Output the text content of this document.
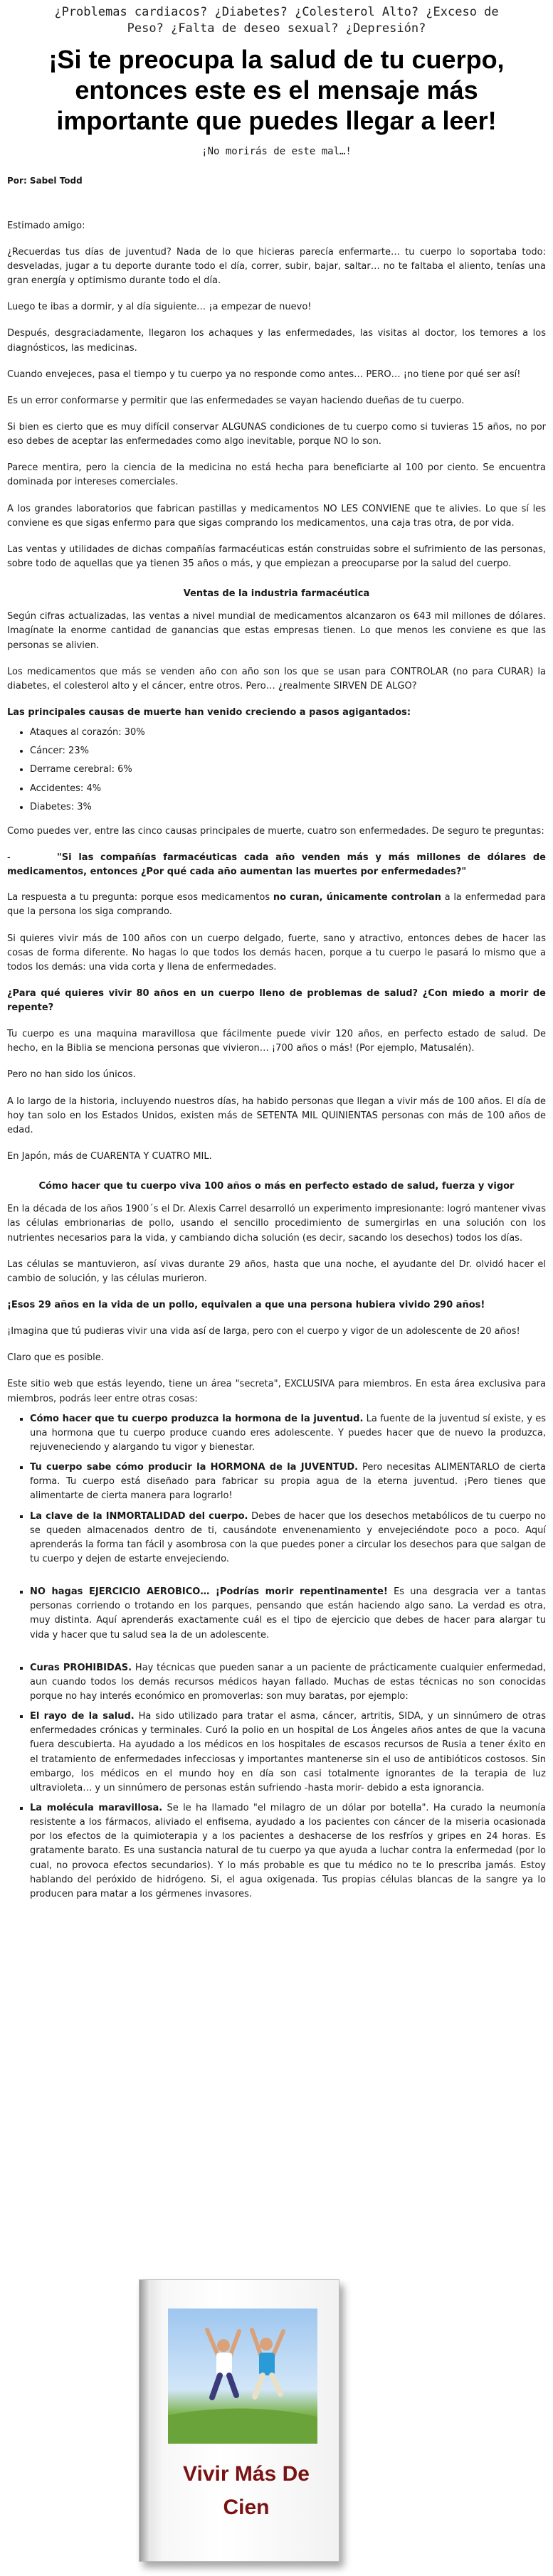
¿Problemas cardiacos? ¿Diabetes? ¿Colesterol Alto? ¿Exceso de Peso? ¿Falta de deseo sexual? ¿Depresión?
¡Si te preocupa la salud de tu cuerpo, entonces este es el mensaje más importante que puedes llegar a leer!
¡No morirás de este mal…!
Por: Sabel Todd

Estimado amigo:

¿Recuerdas tus días de juventud? Nada de lo que hicieras parecía enfermarte… tu cuerpo lo soportaba todo: desveladas, jugar a tu deporte durante todo el día, correr, subir, bajar, saltar… no te faltaba el aliento, tenías una gran energía y optimismo durante todo el día.

Luego te ibas a dormir, y al día siguiente… ¡a empezar de nuevo!

Después, desgraciadamente, llegaron los achaques y las enfermedades, las visitas al doctor, los temores a los diagnósticos, las medicinas.

Cuando envejeces, pasa el tiempo y tu cuerpo ya no responde como antes… PERO… ¡no tiene por qué ser así!

Es un error conformarse y permitir que las enfermedades se vayan haciendo dueñas de tu cuerpo.

Si bien es cierto que es muy difícil conservar ALGUNAS condiciones de tu cuerpo como si tuvieras 15 años, no por eso debes de aceptar las enfermedades como algo inevitable, porque NO lo son.

Parece mentira, pero la ciencia de la medicina no está hecha para beneficiarte al 100 por ciento. Se encuentra dominada por intereses comerciales.

A los grandes laboratorios que fabrican pastillas y medicamentos NO LES CONVIENE que te alivies. Lo que sí les conviene es que sigas enfermo para que sigas comprando los medicamentos, una caja tras otra, de por vida.

Las ventas y utilidades de dichas compañías farmacéuticas están construidas sobre el sufrimiento de las personas, sobre todo de aquellas que ya tienen 35 años o más, y que empiezan a preocuparse por la salud del cuerpo.

Ventas de la industria farmacéutica

Según cifras actualizadas, las ventas a nivel mundial de medicamentos alcanzaron os 643 mil millones de dólares. Imagínate la enorme cantidad de ganancias que estas empresas tienen. Lo que menos les conviene es que las personas se alivien.

Los medicamentos que más se venden año con año son los que se usan para CONTROLAR (no para CURAR) la diabetes, el colesterol alto y el cáncer, entre otros. Pero… ¿realmente SIRVEN DE ALGO?

Las principales causas de muerte han venido creciendo a pasos agigantados:

• Ataques al corazón: 30%
• Cáncer: 23%
• Derrame cerebral: 6%
• Accidentes: 4%
• Diabetes: 3%

Como puedes ver, entre las cinco causas principales de muerte, cuatro son enfermedades. De seguro te preguntas:

-	"Si las compañías farmacéuticas cada año venden más y más millones de dólares de medicamentos, entonces ¿Por qué cada año aumentan las muertes por enfermedades?"

La respuesta a tu pregunta: porque esos medicamentos no curan, únicamente controlan a la enfermedad para que la persona los siga comprando.

Si quieres vivir más de 100 años con un cuerpo delgado, fuerte, sano y atractivo, entonces debes de hacer las cosas de forma diferente. No hagas lo que todos los demás hacen, porque a tu cuerpo le pasará lo mismo que a todos los demás: una vida corta y llena de enfermedades.

¿Para qué quieres vivir 80 años en un cuerpo lleno de problemas de salud? ¿Con miedo a morir de repente?

Tu cuerpo es una maquina maravillosa que fácilmente puede vivir 120 años, en perfecto estado de salud. De hecho, en la Biblia se menciona personas que vivieron… ¡700 años o más! (Por ejemplo, Matusalén).

Pero no han sido los únicos.

A lo largo de la historia, incluyendo nuestros días, ha habido personas que llegan a vivir más de 100 años. El día de hoy tan solo en los Estados Unidos, existen más de SETENTA MIL QUINIENTAS personas con más de 100 años de edad.

En Japón, más de CUARENTA Y CUATRO MIL.

Cómo hacer que tu cuerpo viva 100 años o más en perfecto estado de salud, fuerza y vigor

En la década de los años 1900´s el Dr. Alexis Carrel desarrolló un experimento impresionante: logró mantener vivas las células embrionarias de pollo, usando el sencillo procedimiento de sumergirlas en una solución con los nutrientes necesarios para la vida, y cambiando dicha solución (es decir, sacando los desechos) todos los días.

Las células se mantuvieron, así vivas durante 29 años, hasta que una noche, el ayudante del Dr. olvidó hacer el cambio de solución, y las células murieron.

¡Esos 29 años en la vida de un pollo, equivalen a que una persona hubiera vivido 290 años!

¡Imagina que tú pudieras vivir una vida así de larga, pero con el cuerpo y vigor de un adolescente de 20 años!

Claro que es posible.

Este sitio web que estás leyendo, tiene un área "secreta", EXCLUSIVA para miembros. En esta área exclusiva para miembros, podrás leer entre otras cosas:

▪ Cómo hacer que tu cuerpo produzca la hormona de la juventud. La fuente de la juventud sí existe, y es una hormona que tu cuerpo produce cuando eres adolescente. Y puedes hacer que de nuevo la produzca, rejuveneciendo y alargando tu vigor y bienestar.
▪ Tu cuerpo sabe cómo producir la HORMONA de la JUVENTUD. Pero necesitas ALIMENTARLO de cierta forma. Tu cuerpo está diseñado para fabricar su propia agua de la eterna juventud. ¡Pero tienes que alimentarte de cierta manera para lograrlo!
▪ La clave de la INMORTALIDAD del cuerpo. Debes de hacer que los desechos metabólicos de tu cuerpo no se queden almacenados dentro de ti, causándote envenenamiento y envejeciéndote poco a poco. Aquí aprenderás la forma tan fácil y asombrosa con la que puedes poner a circular los desechos para que salgan de tu cuerpo y dejen de estarte envejeciendo.
▪ NO hagas EJERCICIO AEROBICO… ¡Podrías morir repentinamente! Es una desgracia ver a tantas personas corriendo o trotando en los parques, pensando que están haciendo algo sano. La verdad es otra, muy distinta. Aquí aprenderás exactamente cuál es el tipo de ejercicio que debes de hacer para alargar tu vida y hacer que tu salud sea la de un adolescente.
▪ Curas PROHIBIDAS. Hay técnicas que pueden sanar a un paciente de prácticamente cualquier enfermedad, aun cuando todos los demás recursos médicos hayan fallado. Muchas de estas técnicas no son conocidas porque no hay interés económico en promoverlas: son muy baratas, por ejemplo:
▪ El rayo de la salud. Ha sido utilizado para tratar el asma, cáncer, artritis, SIDA, y un sinnúmero de otras enfermedades crónicas y terminales. Curó la polio en un hospital de Los Ángeles años antes de que la vacuna fuera descubierta. Ha ayudado a los médicos en los hospitales de escasos recursos de Rusia a tener éxito en el tratamiento de enfermedades infecciosas y importantes mantenerse sin el uso de antibióticos costosos. Sin embargo, los médicos en el mundo hoy en día son casi totalmente ignorantes de la terapia de luz ultravioleta… y un sinnúmero de personas están sufriendo -hasta morir- debido a esta ignorancia.
▪ La molécula maravillosa. Se le ha llamado "el milagro de un dólar por botella". Ha curado la neumonía resistente a los fármacos, aliviado el enfisema, ayudado a los pacientes con cáncer de la miseria ocasionada por los efectos de la quimioterapia y a los pacientes a deshacerse de los resfríos y gripes en 24 horas. Es gratamente barato. Es una sustancia natural de tu cuerpo ya que ayuda a luchar contra la enfermedad (por lo cual, no provoca efectos secundarios). Y lo más probable es que tu médico no te lo prescriba jamás. Estoy hablando del peróxido de hidrógeno. Si, el agua oxigenada. Tus propias células blancas de la sangre ya lo producen para matar a los gérmenes invasores.
Vivir Más De
Cien
